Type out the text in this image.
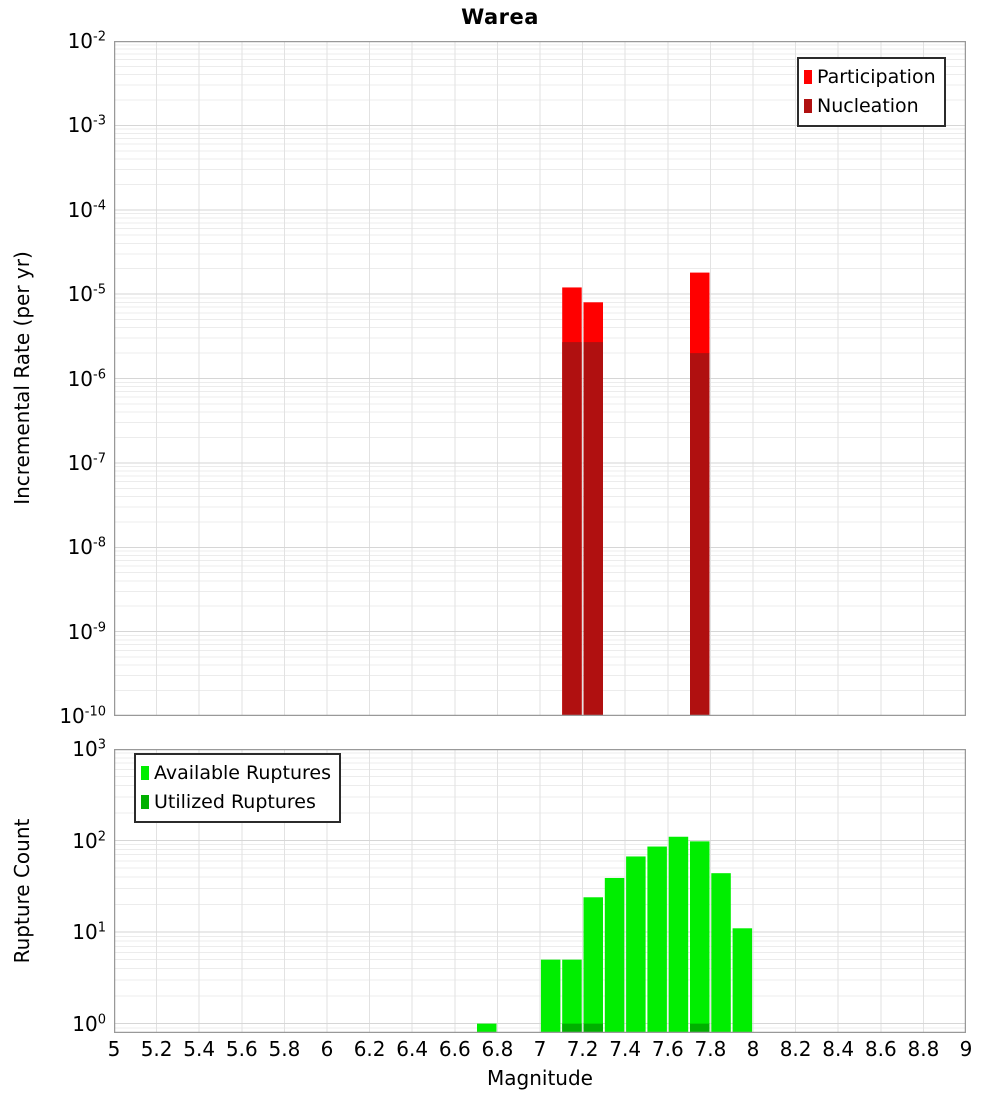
Warea
Incremental Rate (per yr)
Rupture Count
$10^{-2}$
$10^{-3}$
$10^{-4}$
$10^{-5}$
$10^{-6}$
$10^{-7}$
$10^{-8}$
$10^{-9}$
$10^{-10}$
$10^3$
$10^2$
$10^1$
$10^0$
5 5.2 5.4 5.6 5.8 6 6.2 6.4 6.6 6.8 7 7.2 7.4 7.6 7.8 8 8.2 8.4 8.6 8.8 9
Participation
Nucleation
Available Ruptures
Utilized Ruptures
Magnitude
